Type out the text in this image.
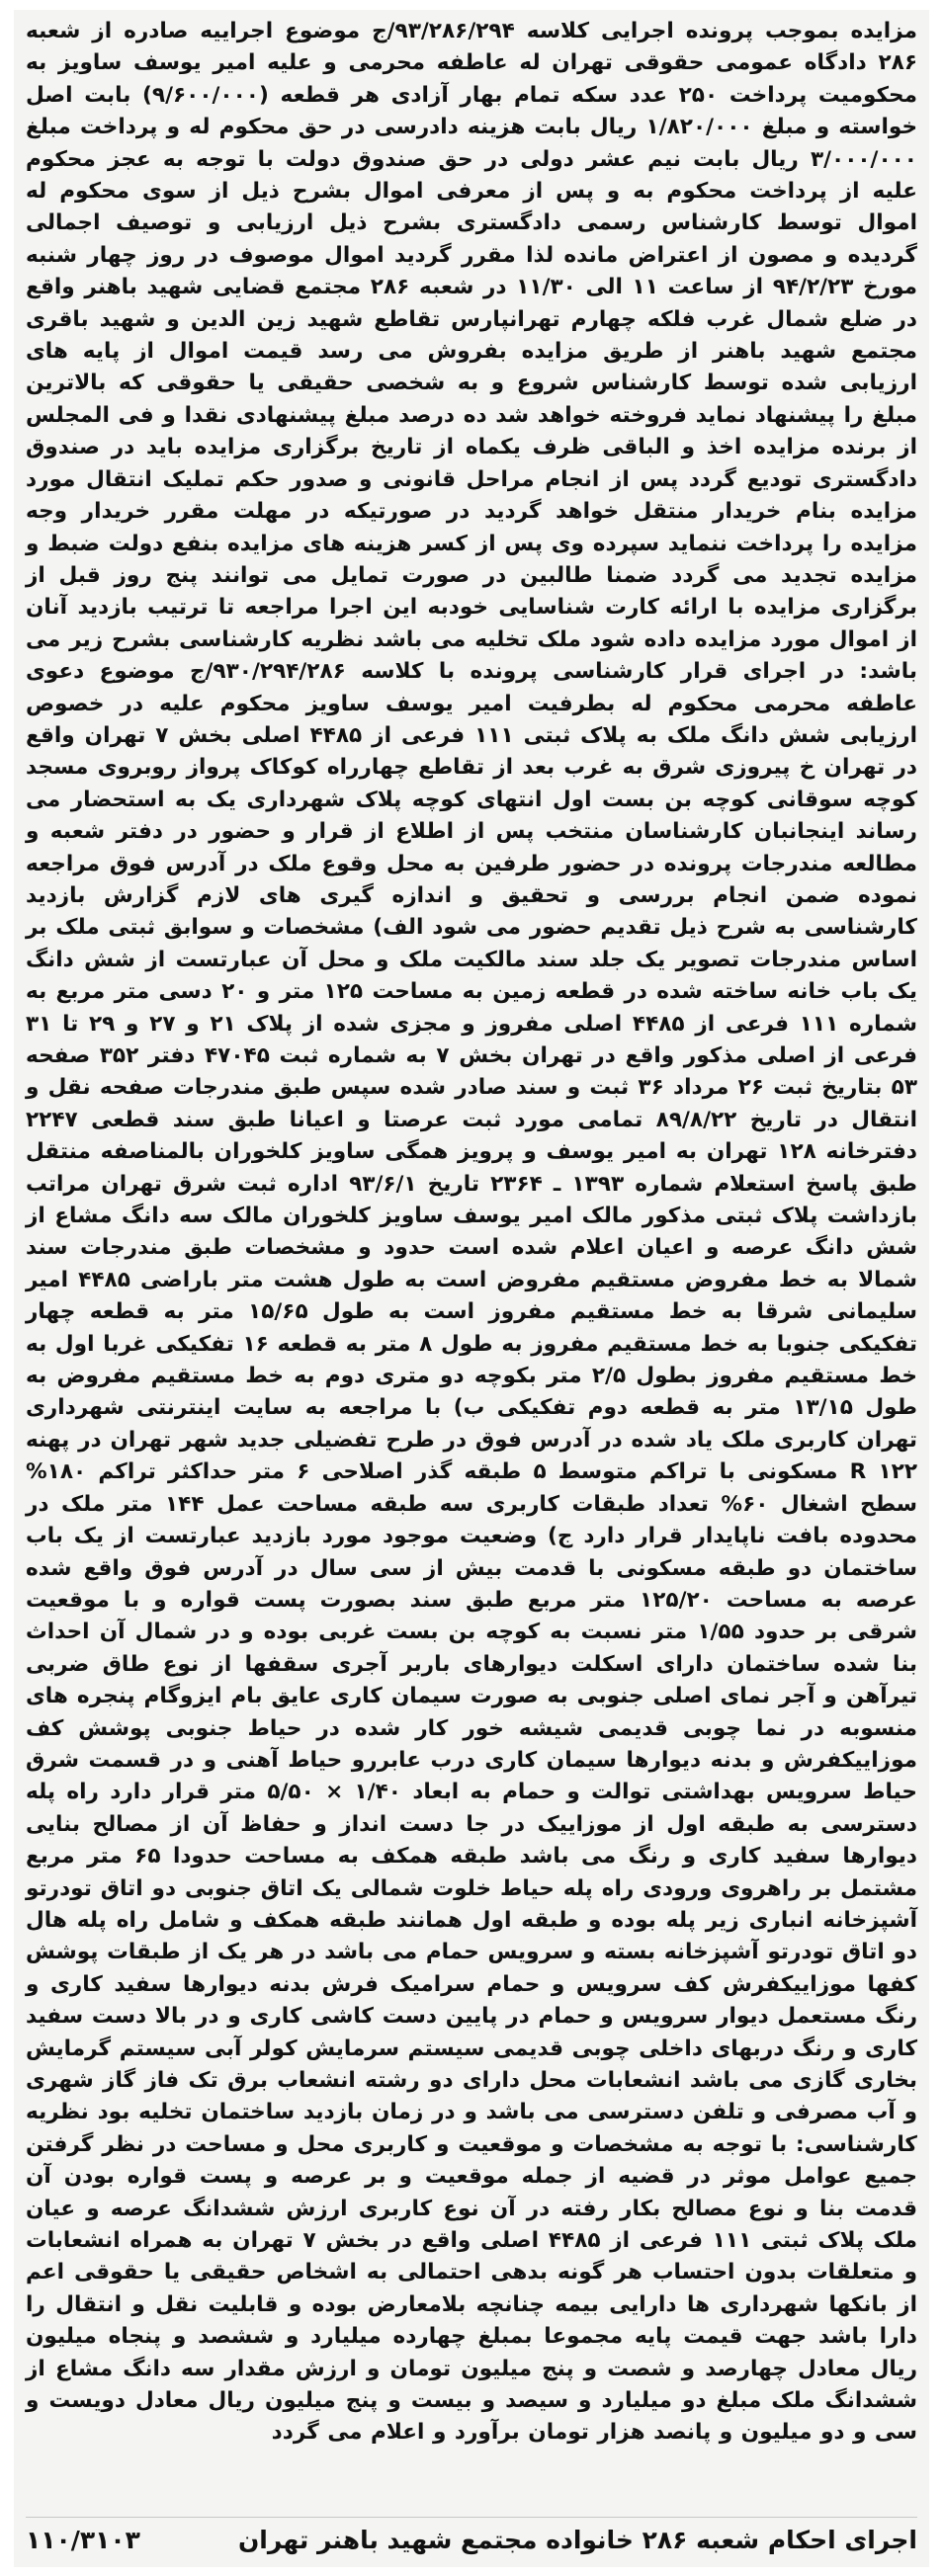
مزایده بموجب پرونده اجرایی کلاسه ۹۳/۲۸۶/۲۹۴/ج موضوع اجراییه صادره از شعبه ۲۸۶ دادگاه عمومی حقوقی تهران له عاطفه محرمی و علیه امیر یوسف ساویز به محکومیت پرداخت ۲۵۰ عدد سکه تمام بهار آزادی هر قطعه (۹/۶۰۰/۰۰۰) بابت اصل خواسته و مبلغ ۱/۸۲۰/۰۰۰ ریال بابت هزینه دادرسی در حق محکوم له و پرداخت مبلغ ۳/۰۰۰/۰۰۰ ریال بابت نیم عشر دولی در حق صندوق دولت با توجه به عجز محکوم علیه از پرداخت محکوم به و پس از معرفی اموال بشرح ذیل از سوی محکوم له اموال توسط کارشناس رسمی دادگستری بشرح ذیل ارزیابی و توصیف اجمالی گردیده و مصون از اعتراض مانده لذا مقرر گردید اموال موصوف در روز چهار شنبه مورخ ۹۴/۲/۲۳ از ساعت ۱۱ الی ۱۱/۳۰ در شعبه ۲۸۶ مجتمع قضایی شهید باهنر واقع در ضلع شمال غرب فلکه چهارم تهرانپارس تقاطع شهید زین الدین و شهید باقری مجتمع شهید باهنر از طریق مزایده بفروش می رسد قیمت اموال از پایه های ارزیابی شده توسط کارشناس شروع و به شخصی حقیقی یا حقوقی که بالاترین مبلغ را پیشنهاد نماید فروخته خواهد شد ده درصد مبلغ پیشنهادی نقدا و فی المجلس از برنده مزایده اخذ و الباقی ظرف یکماه از تاریخ برگزاری مزایده باید در صندوق دادگستری تودیع گردد پس از انجام مراحل قانونی و صدور حکم تملیک انتقال مورد مزایده بنام خریدار منتقل خواهد گردید در صورتیکه در مهلت مقرر خریدار وجه مزایده را پرداخت ننماید سپرده وی پس از کسر هزینه های مزایده بنفع دولت ضبط و مزایده تجدید می گردد ضمنا طالبین در صورت تمایل می توانند پنج روز قبل از برگزاری مزایده با ارائه کارت شناسایی خودبه این اجرا مراجعه تا ترتیب بازدید آنان از اموال مورد مزایده داده شود ملک تخلیه می باشد نظریه کارشناسی بشرح زیر می باشد: در اجرای قرار کارشناسی پرونده با کلاسه ۹۳۰/۲۹۴/۲۸۶/ج موضوع دعوی عاطفه محرمی محکوم له بطرفیت امیر یوسف ساویز محکوم علیه در خصوص ارزیابی شش دانگ ملک به پلاک ثبتی ۱۱۱ فرعی از ۴۴۸۵ اصلی بخش ۷ تهران واقع در تهران خ پیروزی شرق به غرب بعد از تقاطع چهارراه کوکاک پرواز روبروی مسجد کوچه سوقانی کوچه بن بست اول انتهای کوچه پلاک شهرداری یک به استحضار می رساند اینجانبان کارشناسان منتخب پس از اطلاع از قرار و حضور در دفتر شعبه و مطالعه مندرجات پرونده در حضور طرفین به محل وقوع ملک در آدرس فوق مراجعه نموده ضمن انجام بررسی و تحقیق و اندازه گیری های لازم گزارش بازدید کارشناسی به شرح ذیل تقدیم حضور می شود الف) مشخصات و سوابق ثبتی ملک بر اساس مندرجات تصویر یک جلد سند مالکیت ملک و محل آن عبارتست از شش دانگ یک باب خانه ساخته شده در قطعه زمین به مساحت ۱۲۵ متر و ۲۰ دسی متر مربع به شماره ۱۱۱ فرعی از ۴۴۸۵ اصلی مفروز و مجزی شده از پلاک ۲۱ و ۲۷ و ۲۹ تا ۳۱ فرعی از اصلی مذکور واقع در تهران بخش ۷ به شماره ثبت ۴۷۰۴۵ دفتر ۳۵۲ صفحه ۵۳ بتاریخ ثبت ۲۶ مرداد ۳۶ ثبت و سند صادر شده سپس طبق مندرجات صفحه نقل و انتقال در تاریخ ۸۹/۸/۲۲ تمامی مورد ثبت عرصتا و اعیانا طبق سند قطعی ۲۲۴۷ دفترخانه ۱۲۸ تهران به امیر یوسف و پرویز همگی ساویز کلخوران بالمناصفه منتقل طبق پاسخ استعلام شماره ۱۳۹۳ ـ ۲۳۶۴ تاریخ ۹۳/۶/۱ اداره ثبت شرق تهران مراتب بازداشت پلاک ثبتی مذکور مالک امیر یوسف ساویز کلخوران مالک سه دانگ مشاع از شش دانگ عرصه و اعیان اعلام شده است حدود و مشخصات طبق مندرجات سند شمالا به خط مفروض مستقیم مفروض است به طول هشت متر باراضی ۴۴۸۵ امیر سلیمانی شرقا به خط مستقیم مفروز است به طول ۱۵/۶۵ متر به قطعه چهار تفکیکی جنوبا به خط مستقیم مفروز به طول ۸ متر به قطعه ۱۶ تفکیکی غربا اول به خط مستقیم مفروز بطول ۲/۵ متر بکوچه دو متری دوم به خط مستقیم مفروض به طول ۱۳/۱۵ متر به قطعه دوم تفکیکی ب) با مراجعه به سایت اینترنتی شهرداری تهران کاربری ملک یاد شده در آدرس فوق در طرح تفضیلی جدید شهر تهران در پهنه R ۱۲۲ مسکونی با تراکم متوسط ۵ طبقه گذر اصلاحی ۶ متر حداکثر تراکم ۱۸۰% سطح اشغال ۶۰% تعداد طبقات کاربری سه طبقه مساحت عمل ۱۴۴ متر ملک در محدوده بافت ناپایدار قرار دارد ج) وضعیت موجود مورد بازدید عبارتست از یک باب ساختمان دو طبقه مسکونی با قدمت بیش از سی سال در آدرس فوق واقع شده عرصه به مساحت ۱۲۵/۲۰ متر مربع طبق سند بصورت پست قواره و با موقعیت شرقی بر حدود ۱/۵۵ متر نسبت به کوچه بن بست غربی بوده و در شمال آن احداث بنا شده ساختمان دارای اسکلت دیوارهای باربر آجری سقفها از نوع طاق ضربی تیرآهن و آجر نمای اصلی جنوبی به صورت سیمان کاری عایق بام ایزوگام پنجره های منسوبه در نما چوبی قدیمی شیشه خور کار شده در حیاط جنوبی پوشش کف موزاییکفرش و بدنه دیوارها سیمان کاری درب عابررو حیاط آهنی و در قسمت شرق حیاط سرویس بهداشتی توالت و حمام به ابعاد ۱/۴۰ × ۵/۵۰ متر قرار دارد راه پله دسترسی به طبقه اول از موزاییک در جا دست انداز و حفاظ آن از مصالح بنایی دیوارها سفید کاری و رنگ می باشد طبقه همکف به مساحت حدودا ۶۵ متر مربع مشتمل بر راهروی ورودی راه پله حیاط خلوت شمالی یک اتاق جنوبی دو اتاق تودرتو آشپزخانه انباری زیر پله بوده و طبقه اول همانند طبقه همکف و شامل راه پله هال دو اتاق تودرتو آشپزخانه بسته و سرویس حمام می باشد در هر یک از طبقات پوشش کفها موزاییکفرش کف سرویس و حمام سرامیک فرش بدنه دیوارها سفید کاری و رنگ مستعمل دیوار سرویس و حمام در پایین دست کاشی کاری و در بالا دست سفید کاری و رنگ دربهای داخلی چوبی قدیمی سیستم سرمایش کولر آبی سیستم گرمایش بخاری گازی می باشد انشعابات محل دارای دو رشته انشعاب برق تک فاز گاز شهری و آب مصرفی و تلفن دسترسی می باشد و در زمان بازدید ساختمان تخلیه بود نظریه کارشناسی: با توجه به مشخصات و موقعیت و کاربری محل و مساحت در نظر گرفتن جمیع عوامل موثر در قضیه از جمله موقعیت و بر عرصه و پست قواره بودن آن قدمت بنا و نوع مصالح بکار رفته در آن نوع کاربری ارزش ششدانگ عرصه و عیان ملک پلاک ثبتی ۱۱۱ فرعی از ۴۴۸۵ اصلی واقع در بخش ۷ تهران به همراه انشعابات و متعلقات بدون احتساب هر گونه بدهی احتمالی به اشخاص حقیقی یا حقوقی اعم از بانکها شهرداری ها دارایی بیمه چنانچه بلامعارض بوده و قابلیت نقل و انتقال را دارا باشد جهت قیمت پایه مجموعا بمبلغ چهارده میلیارد و ششصد و پنجاه میلیون ریال معادل چهارصد و شصت و پنج میلیون تومان و ارزش مقدار سه دانگ مشاع از ششدانگ ملک مبلغ دو میلیارد و سیصد و بیست و پنج میلیون ریال معادل دویست و سی و دو میلیون و پانصد هزار تومان برآورد و اعلام می گردد

اجرای احکام شعبه ۲۸۶ خانواده مجتمع شهید باهنر تهران
۱۱۰/۳۱۰۳
